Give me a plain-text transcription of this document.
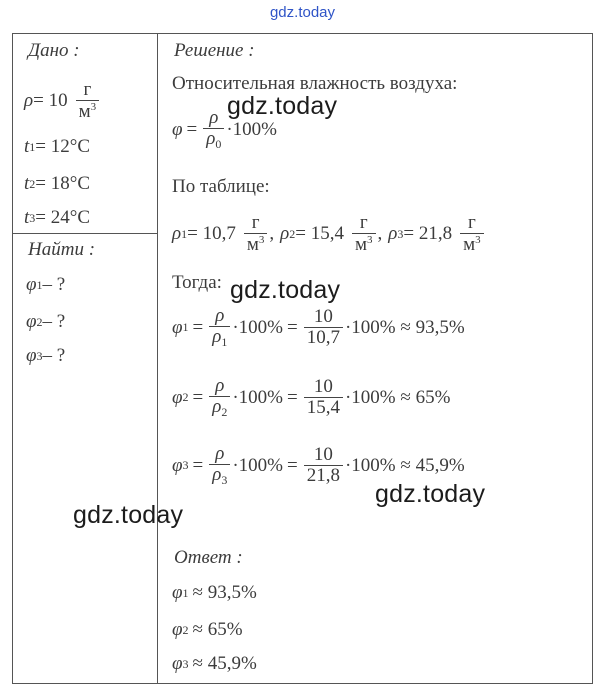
gdz.today
Дано :
$\rho = 10 \frac{г}{м^3}$
t 1 = 12°C
t 2 = 18°C
t 3 = 24°C
Найти :
φ 1 – ?
φ 2 – ?
φ 3 – ?
Решение :
Относительная влажность воздуха:
$\varphi = \frac{\rho}{\rho_0} \cdot 100\%$
По таблице:
ρ $1 = 10,7 \frac{г}{м^3}$ , ρ $2 = 15,4 \frac{г}{м^3}$ , ρ $3 = 21,8 \frac{г}{м^3}$
Тогда:
φ $1 = \frac{\rho}{\rho_1} \cdot 100\% = \frac{10}{10,7} \cdot 100\% \approx 93,5\%$
φ $2 = \frac{\rho}{\rho_2} \cdot 100\% = \frac{10}{15,4} \cdot 100\% \approx 65\%$
φ $3 = \frac{\rho}{\rho_3} \cdot 100\% = \frac{10}{21,8} \cdot 100\% \approx 45,9\%$
Ответ :
φ 1 ≈ 93,5%
φ 2 ≈ 65%
φ 3 ≈ 45,9%
gdz.today
gdz.today
gdz.today
gdz.today
